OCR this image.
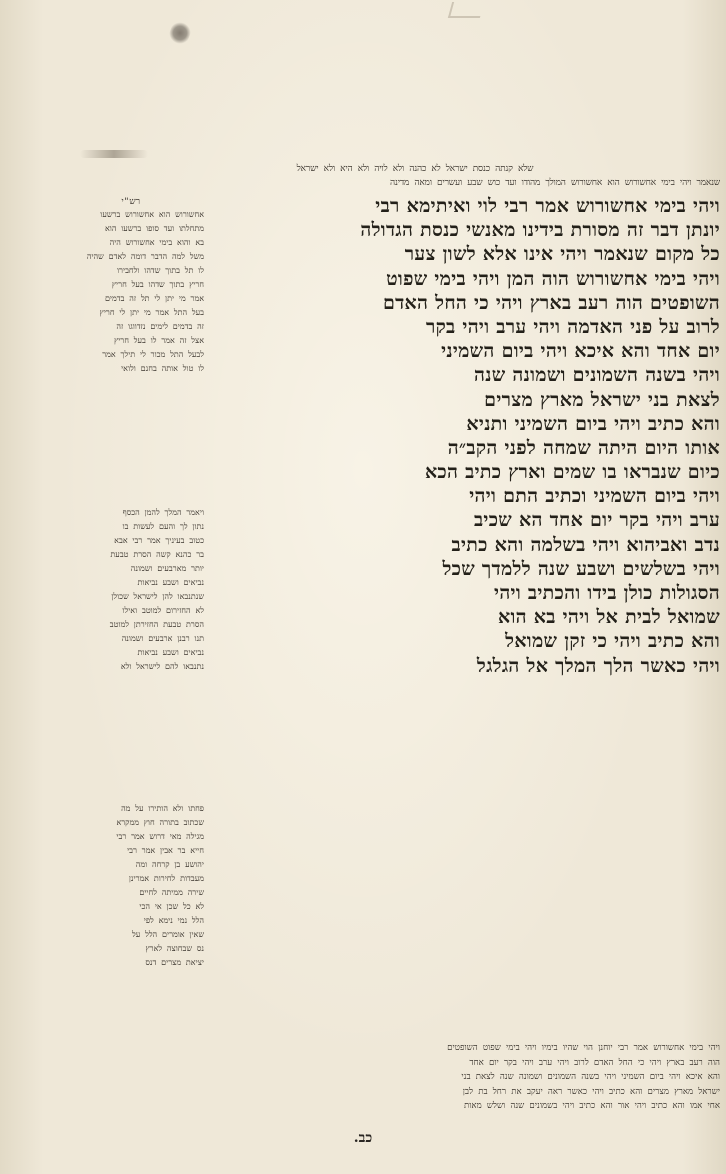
שלא קנתה כנסת ישראל לא כהנה ולא לויה ולא היא ולא ישראל
שנאמר ויהי בימי אחשורוש הוא אחשורוש המולך מהודו ועד כוש שבע ועשרים ומאה מדינה
רש"י
אחשורוש הוא אחשורוש ברשעו
מתחלתו ועד סופו ברשעו הוא
בא והוא בימי אחשורוש היה
משל למה הדבר דומה לאדם שהיה
לו תל בתוך שדהו ולחבירו
חריץ בתוך שדהו בעל חריץ
אמר מי יתן לי תל זה בדמים
בעל התל אמר מי יתן לי חריץ
זה בדמים לימים נזדווגו זה
אצל זה אמר לו בעל חריץ
לבעל התל מכור לי תילך אמר
לו טול אותה בחנם ולואי
ויאמר המלך להמן הכסף
נתון לך והעם לעשות בו
כטוב בעיניך אמר רבי אבא
בר כהנא קשה הסרת טבעת
יותר מארבעים ושמונה
נביאים ושבע נביאות
שנתנבאו להן לישראל שכולן
לא החזירום למוטב ואילו
הסרת טבעת החזירתן למוטב
תנו רבנן ארבעים ושמונה
נביאים ושבע נביאות
נתנבאו להם לישראל ולא
פחתו ולא הותירו על מה
שכתוב בתורה חוץ ממקרא
מגילה מאי דרוש אמר רבי
חייא בר אבין אמר רבי
יהושע בן קרחה ומה
מעבדות לחירות אמרינן
שירה ממיתה לחיים
לא כל שכן אי הכי
הלל נמי נימא לפי
שאין אומרים הלל על
נס שבחוצה לארץ
יציאת מצרים דנס
ויהי בימי אחשורוש אמר רבי לוי ואיתימא רבי
יונתן דבר זה מסורת בידינו מאנשי כנסת הגדולה
כל מקום שנאמר ויהי אינו אלא לשון צער
ויהי בימי אחשורוש הוה המן ויהי בימי שפוט
השופטים הוה רעב בארץ ויהי כי החל האדם
לרוב על פני האדמה ויהי ערב ויהי בקר
יום אחד והא איכא ויהי ביום השמיני
ויהי בשנה השמונים ושמונה שנה
לצאת בני ישראל מארץ מצרים
והא כתיב ויהי ביום השמיני ותניא
אותו היום היתה שמחה לפני הקב״ה
כיום שנבראו בו שמים וארץ כתיב הכא
ויהי ביום השמיני וכתיב התם ויהי
ערב ויהי בקר יום אחד הא שכיב
נדב ואביהוא ויהי בשלמה והא כתיב
ויהי בשלשים ושבע שנה ללמדך שכל
הסגולות כולן בידו והכתיב ויהי
שמואל לבית אל ויהי בא הוא
והא כתיב ויהי כי זקן שמואל
ויהי כאשר הלך המלך אל הגלגל
ויהי בימי אחשורוש אמר רבי יוחנן הוי שהיו בימיו ויהי בימי שפוט השופטים
הוה רעב בארץ ויהי כי החל האדם לרוב ויהי ערב ויהי בקר יום אחד
והא איכא ויהי ביום השמיני ויהי בשנה השמונים ושמונה שנה לצאת בני
ישראל מארץ מצרים והא כתיב ויהי כאשר ראה יעקב את רחל בת לבן
אחי אמו והא כתיב ויהי אור והא כתיב ויהי בשמונים שנה ושלש מאות
כב.
